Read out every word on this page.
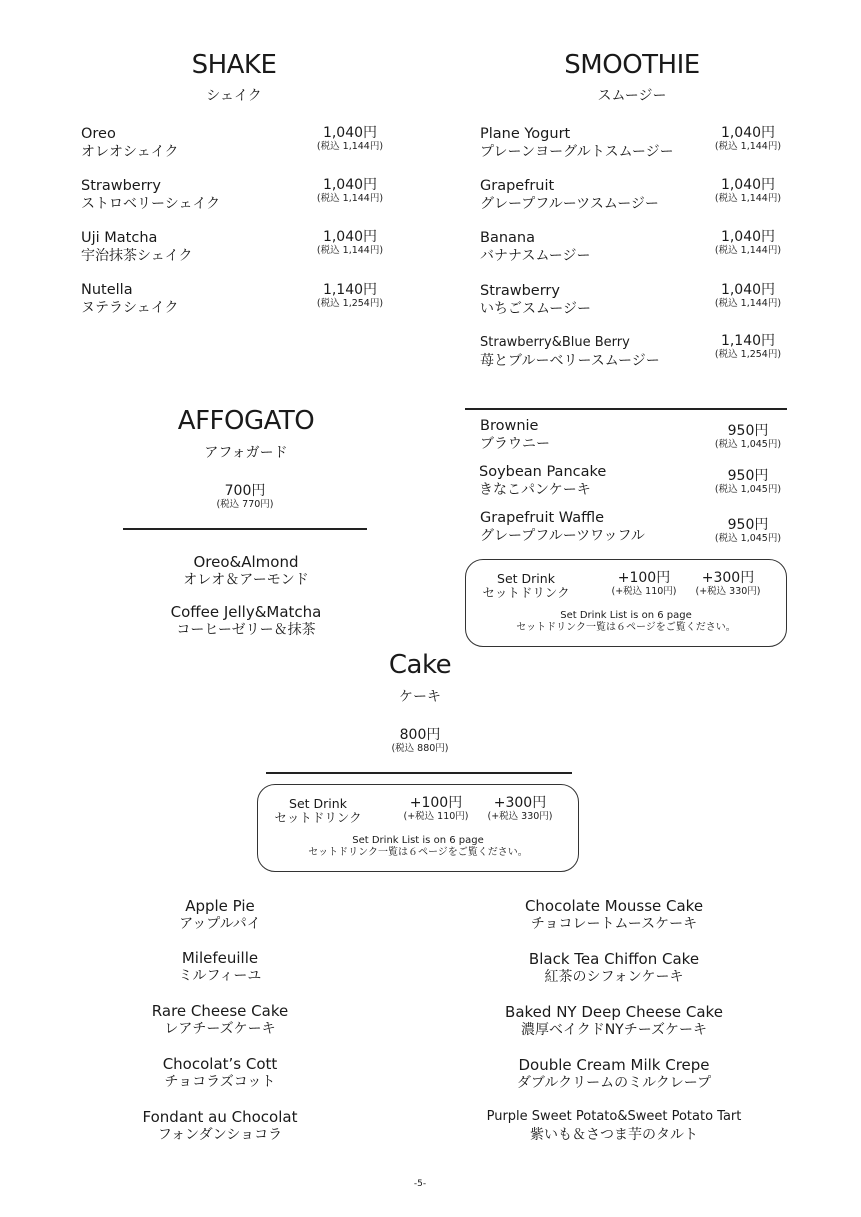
SHAKE
シェイク
Oreo
オレオシェイク
1,040円
(税込 1,144円)
Strawberry
ストロベリーシェイク
1,040円
(税込 1,144円)
Uji Matcha
宇治抹茶シェイク
1,040円
(税込 1,144円)
Nutella
ヌテラシェイク
1,140円
(税込 1,254円)
SMOOTHIE
スムージー
Plane Yogurt
プレーンヨーグルトスムージー
1,040円
(税込 1,144円)
Grapefruit
グレープフルーツスムージー
1,040円
(税込 1,144円)
Banana
バナナスムージー
1,040円
(税込 1,144円)
Strawberry
いちごスムージー
1,040円
(税込 1,144円)
Strawberry&Blue Berry
苺とブルーベリースムージー
1,140円
(税込 1,254円)
AFFOGATO
アフォガード
700円
(税込 770円)
Oreo&Almond
オレオ＆アーモンド
Coffee Jelly&Matcha
コーヒーゼリー＆抹茶
Brownie
ブラウニー
950円
(税込 1,045円)
Soybean Pancake
きなこパンケーキ
950円
(税込 1,045円)
Grapefruit Waffle
グレープフルーツワッフル
950円
(税込 1,045円)
Set Drink
セットドリンク
+100円
(+税込 110円)
+300円
(+税込 330円)
Set Drink List is on 6 page
セットドリンク一覧は６ページをご覧ください。
Cake
ケーキ
800円
(税込 880円)
Set Drink
セットドリンク
+100円
(+税込 110円)
+300円
(+税込 330円)
Set Drink List is on 6 page
セットドリンク一覧は６ページをご覧ください。
Apple Pie
アップルパイ
Milefeuille
ミルフィーユ
Rare Cheese Cake
レアチーズケーキ
Chocolat’s Cott
チョコラズコット
Fondant au Chocolat
フォンダンショコラ
Chocolate Mousse Cake
チョコレートムースケーキ
Black Tea Chiffon Cake
紅茶のシフォンケーキ
Baked NY Deep Cheese Cake
濃厚ベイクドNYチーズケーキ
Double Cream Milk Crepe
ダブルクリームのミルクレープ
Purple Sweet Potato&Sweet Potato Tart
紫いも＆さつま芋のタルト
-5-
